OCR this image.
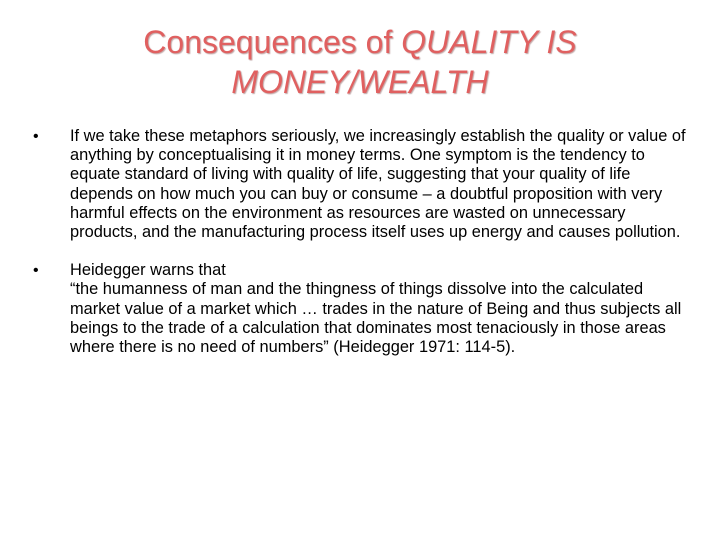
Consequences of QUALITY IS
MONEY/WEALTH
•	If we take these metaphors seriously, we increasingly establish the quality or value of anything by conceptualising it in money terms. One symptom is the tendency to equate standard of living with quality of life, suggesting that your quality of life depends on how much you can buy or consume – a doubtful proposition with very harmful effects on the environment as resources are wasted on unnecessary products, and the manufacturing process itself uses up energy and causes pollution.
•	Heidegger warns that
“the humanness of man and the thingness of things dissolve into the calculated market value of a market which … trades in the nature of Being and thus subjects all beings to the trade of a calculation that dominates most tenaciously in those areas where there is no need of numbers” (Heidegger 1971: 114-5).
